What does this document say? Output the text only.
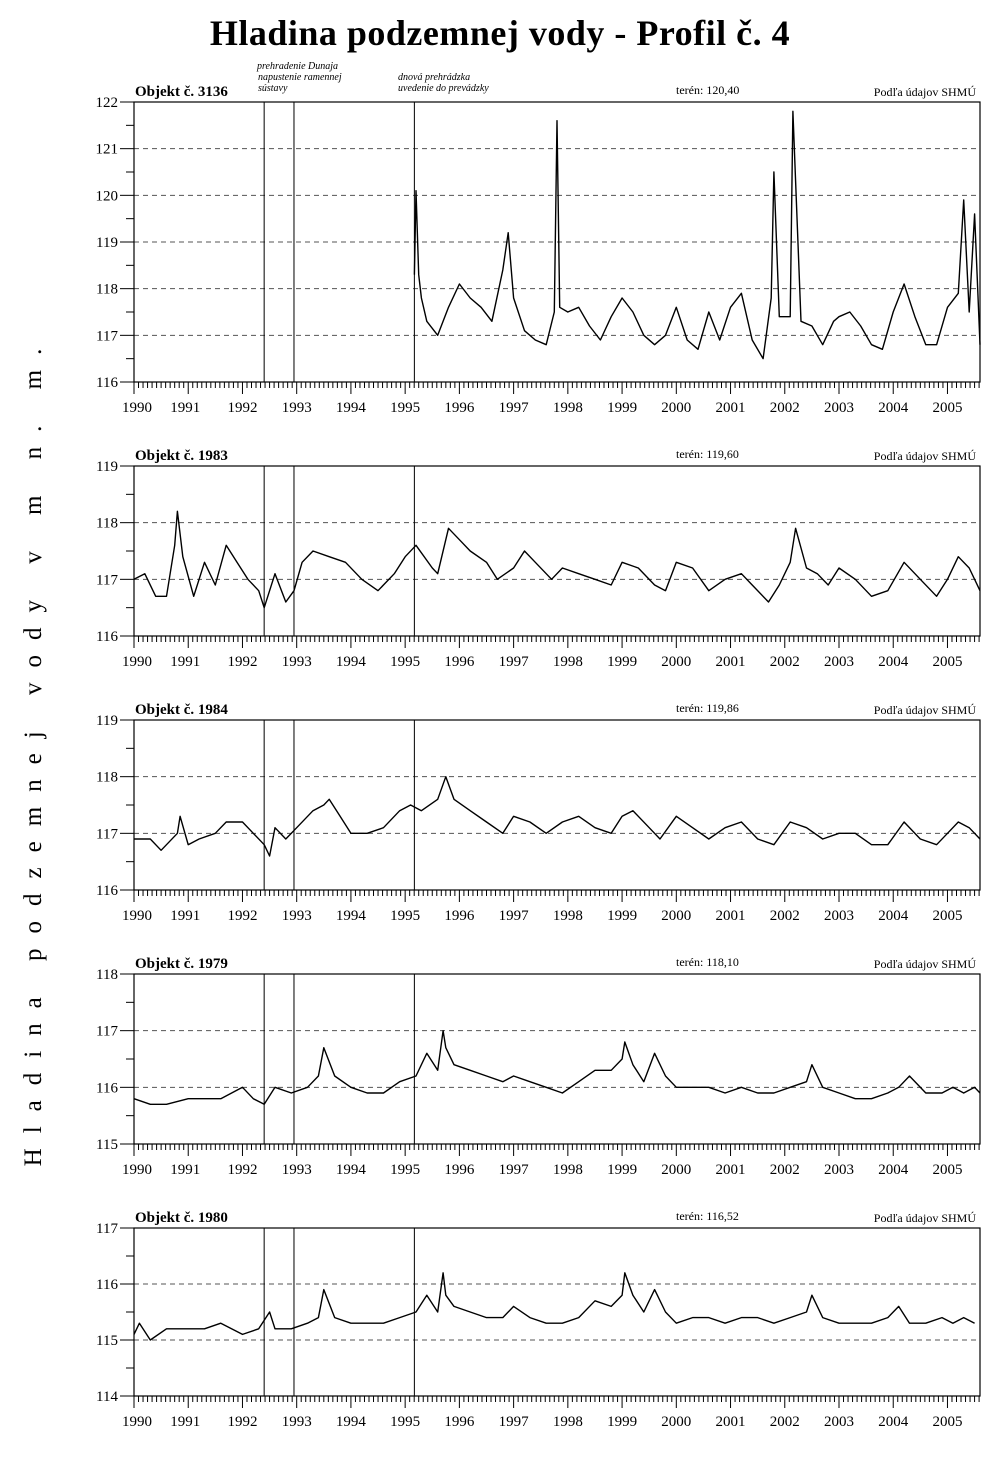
Hladina podzemnej vody - Profil č. 4
Hladina podzemnej vody v m n. m.
prehradenie Dunaja
napustenie ramennej
sústavy
dnová prehrádzka
uvedenie do prevádzky
116
117
118
119
120
121
122
1990 1991 1992 1993 1994 1995 1996 1997 1998 1999 2000 2001 2002 2003 2004 2005
Objekt č. 3136	terén: 120,40	Podľa údajov SHMÚ
116
117
118
119
1990 1991 1992 1993 1994 1995 1996 1997 1998 1999 2000 2001 2002 2003 2004 2005
Objekt č. 1983	terén: 119,60	Podľa údajov SHMÚ
116
117
118
119
1990 1991 1992 1993 1994 1995 1996 1997 1998 1999 2000 2001 2002 2003 2004 2005
Objekt č. 1984	terén: 119,86	Podľa údajov SHMÚ
115
116
117
118
1990 1991 1992 1993 1994 1995 1996 1997 1998 1999 2000 2001 2002 2003 2004 2005
Objekt č. 1979	terén: 118,10	Podľa údajov SHMÚ
114
115
116
117
1990 1991 1992 1993 1994 1995 1996 1997 1998 1999 2000 2001 2002 2003 2004 2005
Objekt č. 1980	terén: 116,52	Podľa údajov SHMÚ
